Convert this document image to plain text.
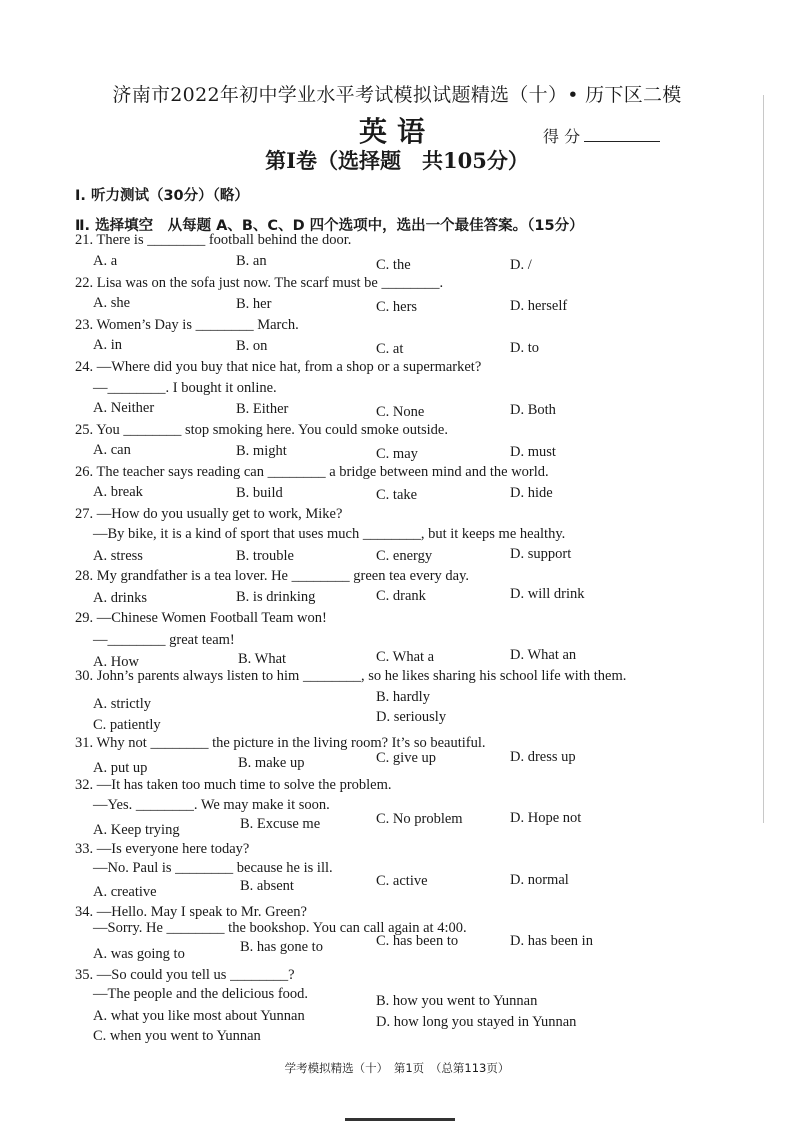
济南市2022年初中学业水平考试模拟试题精选（十）• 历下区二模
英语	得 分
第Ⅰ卷（选择题　共105分）
Ⅰ. 听力测试（30分）（略）
Ⅱ. 选择填空　从每题 A、B、C、D 四个选项中，选出一个最佳答案。（15分）
21. There is ________ football behind the door.
A. a	B. an	C. the	D. /
22. Lisa was on the sofa just now. The scarf must be ________.
A. she	B. her	C. hers	D. herself
23. Women’s Day is ________ March.
A. in	B. on	C. at	D. to
24. —Where did you buy that nice hat, from a shop or a supermarket?
—________. I bought it online.
A. Neither	B. Either	C. None	D. Both
25. You ________ stop smoking here. You could smoke outside.
A. can	B. might	C. may	D. must
26. The teacher says reading can ________ a bridge between mind and the world.
A. break	B. build	C. take	D. hide
27. —How do you usually get to work, Mike?
—By bike, it is a kind of sport that uses much ________, but it keeps me healthy.
A. stress	B. trouble	C. energy	D. support
28. My grandfather is a tea lover. He ________ green tea every day.
A. drinks	B. is drinking	C. drank	D. will drink
29. —Chinese Women Football Team won!
—________ great team!
A. How	B. What	C. What a	D. What an
30. John’s parents always listen to him ________, so he likes sharing his school life with them.
A. strictly	B. hardly
C. patiently	D. seriously
31. Why not ________ the picture in the living room? It’s so beautiful.
A. put up	B. make up	C. give up	D. dress up
32. —It has taken too much time to solve the problem.
—Yes. ________. We may make it soon.
A. Keep trying	B. Excuse me	C. No problem	D. Hope not
33. —Is everyone here today?
—No. Paul is ________ because he is ill.
A. creative	B. absent	C. active	D. normal
34. —Hello. May I speak to Mr. Green?
—Sorry. He ________ the bookshop. You can call again at 4:00.
A. was going to	B. has gone to	C. has been to	D. has been in
35. —So could you tell us ________?
—The people and the delicious food.
A. what you like most about Yunnan
B. how you went to Yunnan
C. when you went to Yunnan
D. how long you stayed in Yunnan
学考模拟精选（十）　第1页　（总第113页）
